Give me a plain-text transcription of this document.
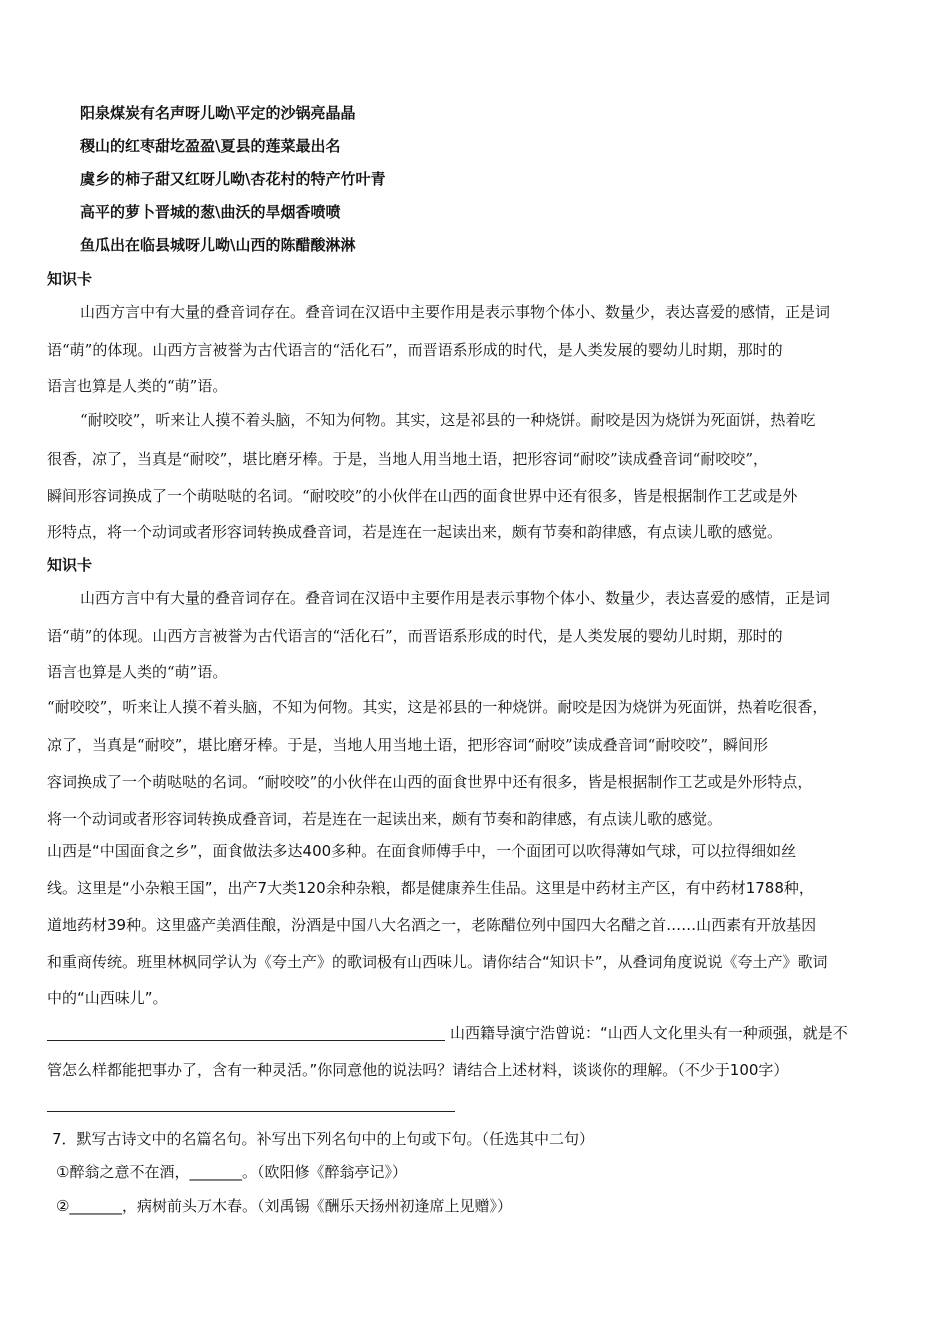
阳泉煤炭有名声呀儿呦\平定的沙锅亮晶晶
稷山的红枣甜圪盈盈\夏县的莲菜最出名
虞乡的柿子甜又红呀儿呦\杏花村的特产竹叶青
高平的萝卜晋城的葱\曲沃的旱烟香喷喷
鱼瓜出在临县城呀儿呦\山西的陈醋酸淋淋
知识卡
山西方言中有大量的叠音词存在。叠音词在汉语中主要作用是表示事物个体小、数量少，表达喜爱的感情，正是词
语“萌”的体现。山西方言被誉为古代语言的“活化石”，而晋语系形成的时代，是人类发展的婴幼儿时期，那时的
语言也算是人类的“萌”语。
“耐咬咬”，听来让人摸不着头脑，不知为何物。其实，这是祁县的一种烧饼。耐咬是因为烧饼为死面饼，热着吃
很香，凉了，当真是“耐咬”，堪比磨牙棒。于是，当地人用当地土语，把形容词“耐咬”读成叠音词“耐咬咬”，
瞬间形容词换成了一个萌哒哒的名词。“耐咬咬”的小伙伴在山西的面食世界中还有很多，皆是根据制作工艺或是外
形特点，将一个动词或者形容词转换成叠音词，若是连在一起读出来，颇有节奏和韵律感，有点读儿歌的感觉。
知识卡
山西方言中有大量的叠音词存在。叠音词在汉语中主要作用是表示事物个体小、数量少，表达喜爱的感情，正是词
语“萌”的体现。山西方言被誉为古代语言的“活化石”，而晋语系形成的时代，是人类发展的婴幼儿时期，那时的
语言也算是人类的“萌”语。
“耐咬咬”，听来让人摸不着头脑，不知为何物。其实，这是祁县的一种烧饼。耐咬是因为烧饼为死面饼，热着吃很香，
凉了，当真是“耐咬”，堪比磨牙棒。于是，当地人用当地土语，把形容词“耐咬”读成叠音词“耐咬咬”，瞬间形
容词换成了一个萌哒哒的名词。“耐咬咬”的小伙伴在山西的面食世界中还有很多，皆是根据制作工艺或是外形特点，
将一个动词或者形容词转换成叠音词，若是连在一起读出来，颇有节奏和韵律感，有点读儿歌的感觉。
山西是“中国面食之乡”，面食做法多达400多种。在面食师傅手中，一个面团可以吹得薄如气球，可以拉得细如丝
线。这里是“小杂粮王国”，出产7大类120余种杂粮，都是健康养生佳品。这里是中药材主产区，有中药材1788种，
道地药材39种。这里盛产美酒佳酿，汾酒是中国八大名酒之一，老陈醋位列中国四大名醋之首……山西素有开放基因
和重商传统。班里林枫同学认为《夸土产》的歌词极有山西味儿。请你结合“知识卡”，从叠词角度说说《夸土产》歌词
中的“山西味儿”。
山西籍导演宁浩曾说：“山西人文化里头有一种顽强，就是不
管怎么样都能把事办了，含有一种灵活。”你同意他的说法吗？请结合上述材料，谈谈你的理解。（不少于100字）
7．默写古诗文中的名篇名句。补写出下列名句中的上句或下句。（任选其中二句）
①醉翁之意不在酒，_______。（欧阳修《醉翁亭记》）
②_______，病树前头万木春。（刘禹锡《酬乐天扬州初逢席上见赠》）
